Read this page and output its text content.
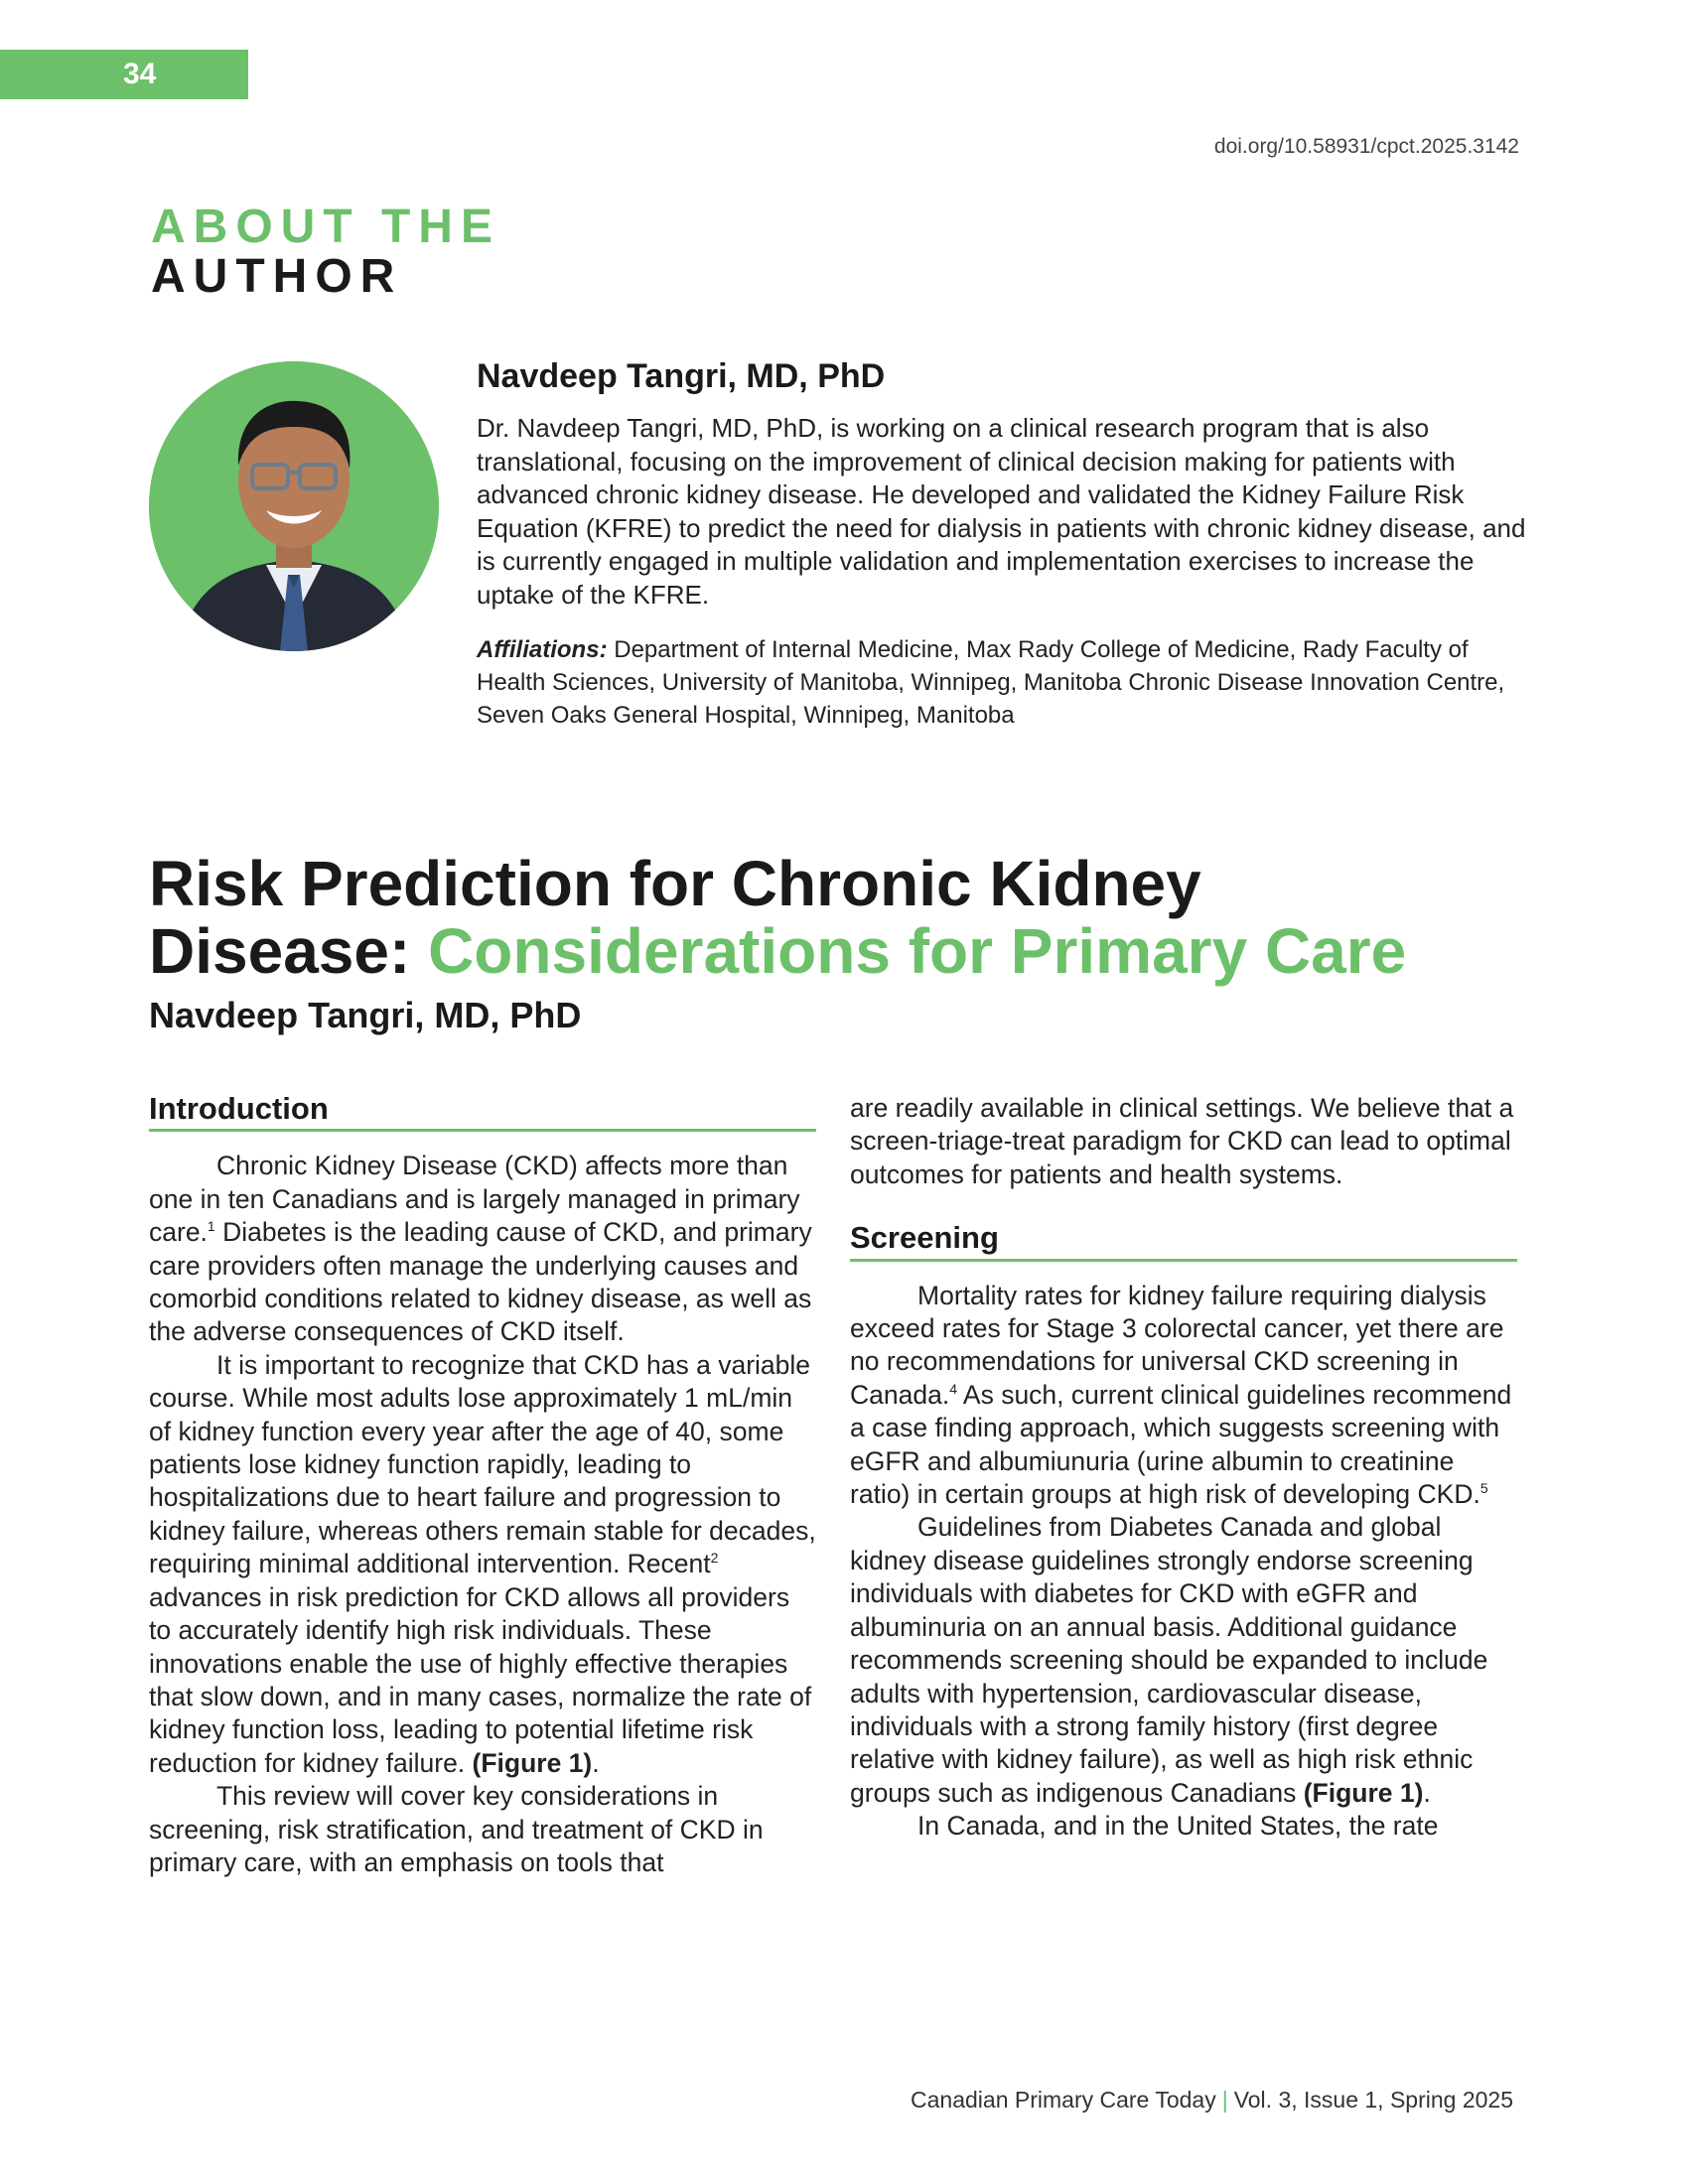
34
doi.org/10.58931/cpct.2025.3142
ABOUT THE
AUTHOR
Navdeep Tangri, MD, PhD

Dr. Navdeep Tangri, MD, PhD, is working on a clinical research program that is also translational, focusing on the improvement of clinical decision making for patients with advanced chronic kidney disease. He developed and validated the Kidney Failure Risk Equation (KFRE) to predict the need for dialysis in patients with chronic kidney disease, and is currently engaged in multiple validation and implementation exercises to increase the uptake of the KFRE.

Affiliations: Department of Internal Medicine, Max Rady College of Medicine, Rady Faculty of Health Sciences, University of Manitoba, Winnipeg, Manitoba Chronic Disease Innovation Centre, Seven Oaks General Hospital, Winnipeg, Manitoba

Risk Prediction for Chronic Kidney
Disease: Considerations for Primary Care
Navdeep Tangri, MD, PhD
Introduction

Chronic Kidney Disease (CKD) affects more than one in ten Canadians and is largely managed in primary care.$^1$ Diabetes is the leading cause of CKD, and primary care providers often manage the underlying causes and comorbid conditions related to kidney disease, as well as the adverse consequences of CKD itself.

It is important to recognize that CKD has a variable course. While most adults lose approximately 1 mL/min of kidney function every year after the age of 40, some patients lose kidney function rapidly, leading to hospitalizations due to heart failure and progression to kidney failure, whereas others remain stable for decades, requiring minimal additional intervention. Recent$^2$ advances in risk prediction for CKD allows all providers to accurately identify high risk individuals. These innovations enable the use of highly effective therapies that slow down, and in many cases, normalize the rate of kidney function loss, leading to potential lifetime risk reduction for kidney failure. (Figure 1).

This review will cover key considerations in screening, risk stratification, and treatment of CKD in primary care, with an emphasis on tools that

are readily available in clinical settings. We believe that a screen-triage-treat paradigm for CKD can lead to optimal outcomes for patients and health systems.

Screening

Mortality rates for kidney failure requiring dialysis exceed rates for Stage 3 colorectal cancer, yet there are no recommendations for universal CKD screening in Canada.$^4$ As such, current clinical guidelines recommend a case finding approach, which suggests screening with eGFR and albumiunuria (urine albumin to creatinine ratio) in certain groups at high risk of developing CKD.$^5$

Guidelines from Diabetes Canada and global kidney disease guidelines strongly endorse screening individuals with diabetes for CKD with eGFR and albuminuria on an annual basis. Additional guidance recommends screening should be expanded to include adults with hypertension, cardiovascular disease, individuals with a strong family history (first degree relative with kidney failure), as well as high risk ethnic groups such as indigenous Canadians (Figure 1).

In Canada, and in the United States, the rate

Canadian Primary Care Today | Vol. 3, Issue 1, Spring 2025
